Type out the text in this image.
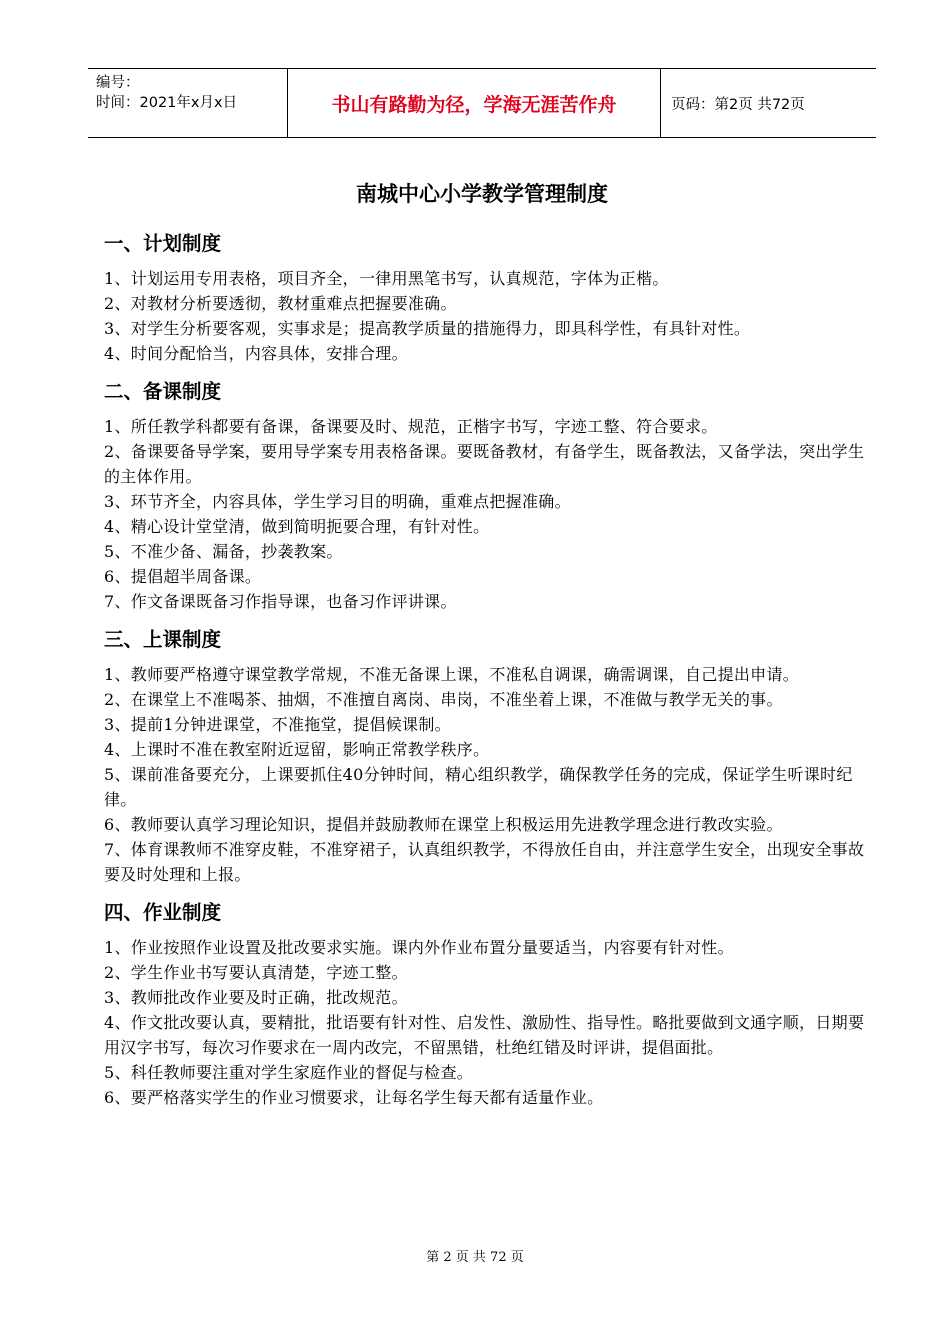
编号：
时间：2021年x月x日	书山有路勤为径，学海无涯苦作舟	页码：第2页 共72页
南城中心小学教学管理制度
一、计划制度
1、计划运用专用表格，项目齐全，一律用黑笔书写，认真规范，字体为正楷。
2、对教材分析要透彻，教材重难点把握要准确。
3、对学生分析要客观，实事求是；提高教学质量的措施得力，即具科学性，有具针对性。
4、时间分配恰当，内容具体，安排合理。
二、备课制度
1、所任教学科都要有备课，备课要及时、规范，正楷字书写，字迹工整、符合要求。
2、备课要备导学案，要用导学案专用表格备课。要既备教材，有备学生，既备教法，又备学法，突出学生的主体作用。
3、环节齐全，内容具体，学生学习目的明确，重难点把握准确。
4、精心设计堂堂清，做到简明扼要合理，有针对性。
5、不准少备、漏备，抄袭教案。
6、提倡超半周备课。
7、作文备课既备习作指导课，也备习作评讲课。
三、上课制度
1、教师要严格遵守课堂教学常规，不准无备课上课，不准私自调课，确需调课，自己提出申请。
2、在课堂上不准喝茶、抽烟，不准擅自离岗、串岗，不准坐着上课，不准做与教学无关的事。
3、提前1分钟进课堂，不准拖堂，提倡候课制。
4、上课时不准在教室附近逗留，影响正常教学秩序。
5、课前准备要充分，上课要抓住40分钟时间，精心组织教学，确保教学任务的完成，保证学生听课时纪律。
6、教师要认真学习理论知识，提倡并鼓励教师在课堂上积极运用先进教学理念进行教改实验。
7、体育课教师不准穿皮鞋，不准穿裙子，认真组织教学，不得放任自由，并注意学生安全，出现安全事故要及时处理和上报。
四、作业制度
1、作业按照作业设置及批改要求实施。课内外作业布置分量要适当，内容要有针对性。
2、学生作业书写要认真清楚，字迹工整。
3、教师批改作业要及时正确，批改规范。
4、作文批改要认真，要精批，批语要有针对性、启发性、激励性、指导性。略批要做到文通字顺，日期要用汉字书写，每次习作要求在一周内改完，不留黑错，杜绝红错及时评讲，提倡面批。
5、科任教师要注重对学生家庭作业的督促与检查。
6、要严格落实学生的作业习惯要求，让每名学生每天都有适量作业。
第 2 页 共 72 页
